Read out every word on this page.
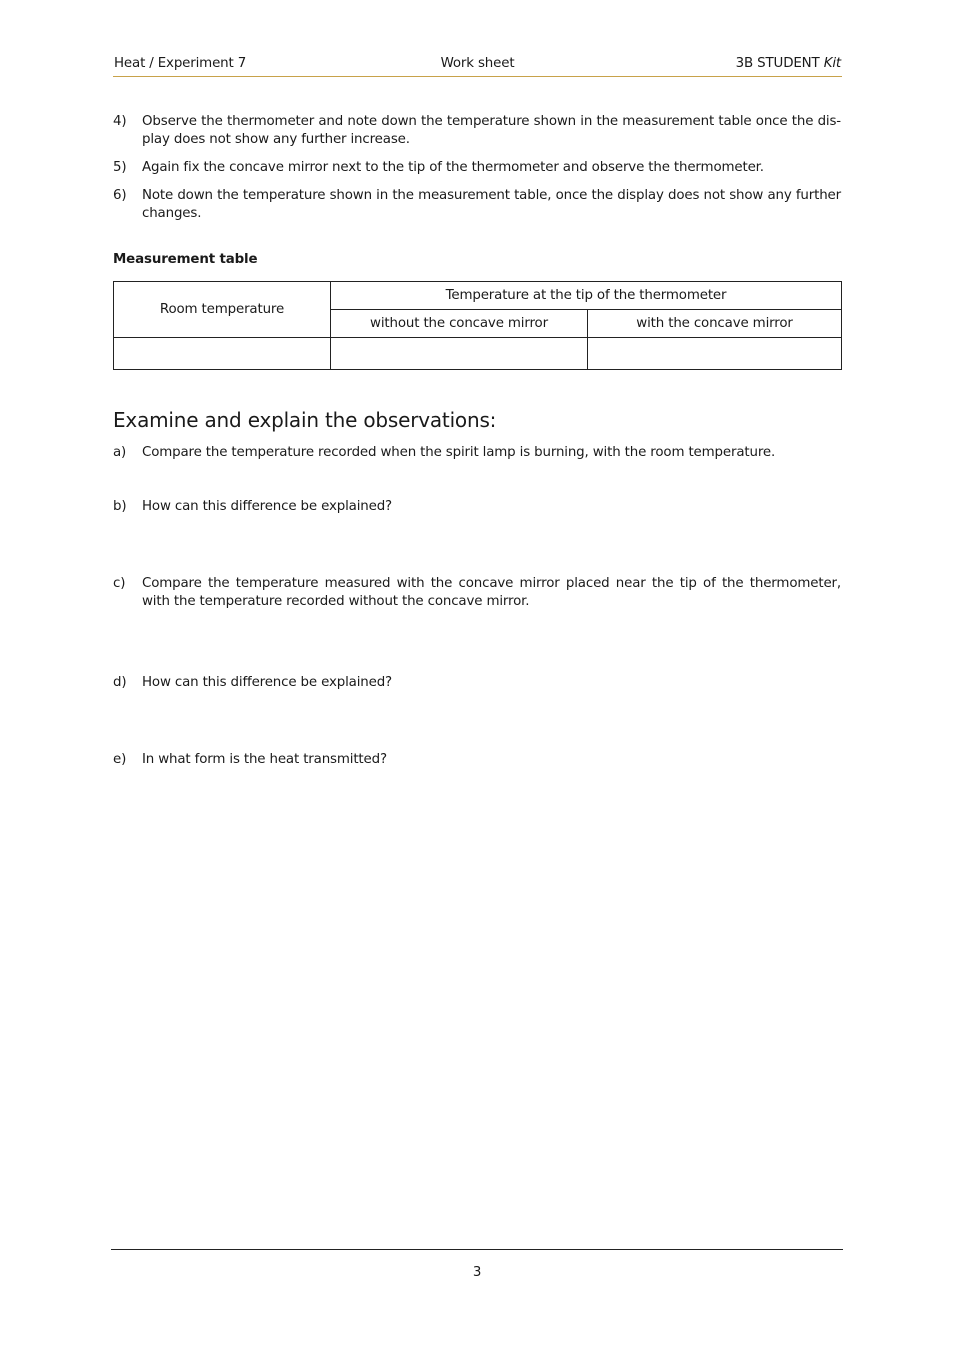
Heat / Experiment 7	Work sheet	3B STUDENT Kit
4) Observe the thermometer and note down the temperature shown in the measurement table once the dis-play does not show any further increase.
5) Again fix the concave mirror next to the tip of the thermometer and observe the thermometer.
6) Note down the temperature shown in the measurement table, once the display does not show any further changes.
Measurement table
Room temperature	Temperature at the tip of the thermometer	
	without the concave mirror	with the concave mirror

Examine and explain the observations:
a) Compare the temperature recorded when the spirit lamp is burning, with the room temperature.
b) How can this difference be explained?
c) Compare the temperature measured with the concave mirror placed near the tip of the thermometer, with the temperature recorded without the concave mirror.
d) How can this difference be explained?
e) In what form is the heat transmitted?
3
